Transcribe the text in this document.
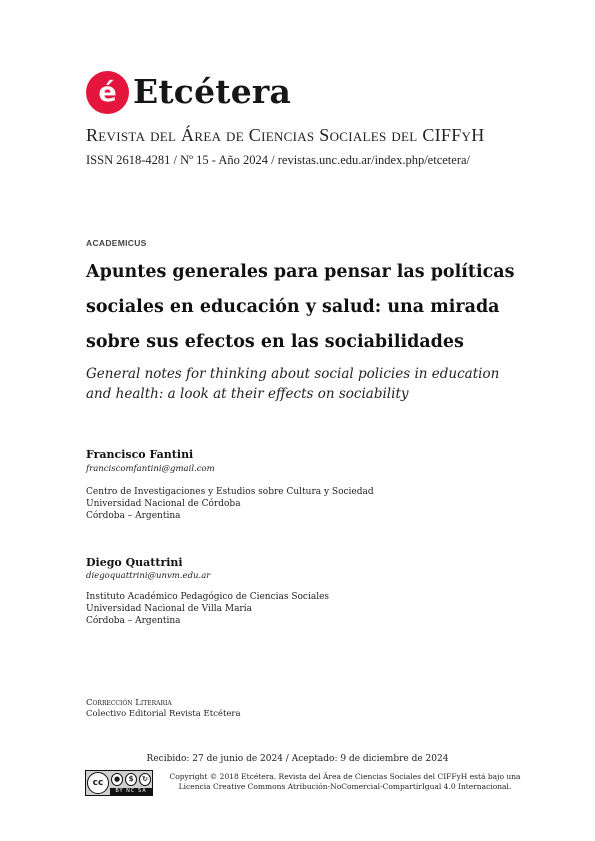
é Etcétera
Revista del Área de Ciencias Sociales del CIFFyH
ISSN 2618-4281 / Nº 15 - Año 2024 / revistas.unc.edu.ar/index.php/etcetera/
ACADEMICUS
Apuntes generales para pensar las políticas sociales en educación y salud: una mirada sobre sus efectos en las sociabilidades
General notes for thinking about social policies in education and health: a look at their effects on sociability
Francisco Fantini
franciscomfantini@gmail.com
Centro de Investigaciones y Estudios sobre Cultura y Sociedad
Universidad Nacional de Córdoba
Córdoba – Argentina
Diego Quattrini
diegoquattrini@unvm.edu.ar
Instituto Académico Pedagógico de Ciencias Sociales
Universidad Nacional de Villa María
Córdoba – Argentina
Corrección Literaria
Colectivo Editorial Revista Etcétera
Recibido: 27 de junio de 2024 / Aceptado: 9 de diciembre de 2024
cc	●	$	↻
BY NC SA
Copyright © 2018 Etcétera. Revista del Área de Ciencias Sociales del CIFFyH está bajo una Licencia Creative Commons Atribución-NoComercial-CompartirIgual 4.0 Internacional.
